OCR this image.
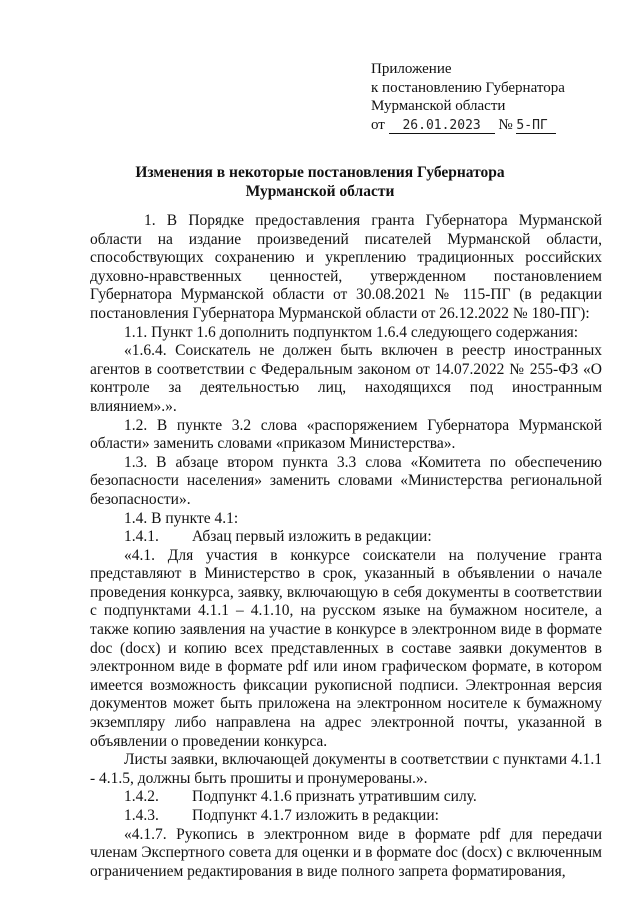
Приложение
к постановлению Губернатора
Мурманской области
от 26.01.2023 № 5-ПГ
Изменения в некоторые постановления Губернатора
Мурманской области

1. В Порядке предоставления гранта Губернатора Мурманской области на издание произведений писателей Мурманской области, способствующих сохранению и укреплению традиционных российских духовно-нравственных ценностей, утвержденном постановлением Губернатора Мурманской области от 30.08.2021 № 115-ПГ (в редакции постановления Губернатора Мурманской области от 26.12.2022 № 180-ПГ):

1.1. Пункт 1.6 дополнить подпунктом 1.6.4 следующего содержания:

«1.6.4. Соискатель не должен быть включен в реестр иностранных агентов в соответствии с Федеральным законом от 14.07.2022 № 255-ФЗ «О контроле за деятельностью лиц, находящихся под иностранным влиянием».».

1.2. В пункте 3.2 слова «распоряжением Губернатора Мурманской области» заменить словами «приказом Министерства».

1.3. В абзаце втором пункта 3.3 слова «Комитета по обеспечению безопасности населения» заменить словами «Министерства региональной безопасности».

1.4. В пункте 4.1:

1.4.1.	Абзац первый изложить в редакции:

«4.1. Для участия в конкурсе соискатели на получение гранта представляют в Министерство в срок, указанный в объявлении о начале проведения конкурса, заявку, включающую в себя документы в соответствии с подпунктами 4.1.1 – 4.1.10, на русском языке на бумажном носителе, а также копию заявления на участие в конкурсе в электронном виде в формате doc (docx) и копию всех представленных в составе заявки документов в электронном виде в формате pdf или ином графическом формате, в котором имеется возможность фиксации рукописной подписи. Электронная версия документов может быть приложена на электронном носителе к бумажному экземпляру либо направлена на адрес электронной почты, указанной в объявлении о проведении конкурса.

Листы заявки, включающей документы в соответствии с пунктами 4.1.1 - 4.1.5, должны быть прошиты и пронумерованы.».

1.4.2.	Подпункт 4.1.6 признать утратившим силу.
1.4.3.	Подпункт 4.1.7 изложить в редакции:

«4.1.7. Рукопись в электронном виде в формате pdf для передачи членам Экспертного совета для оценки и в формате doc (docx) с включенным ограничением редактирования в виде полного запрета форматирования,
